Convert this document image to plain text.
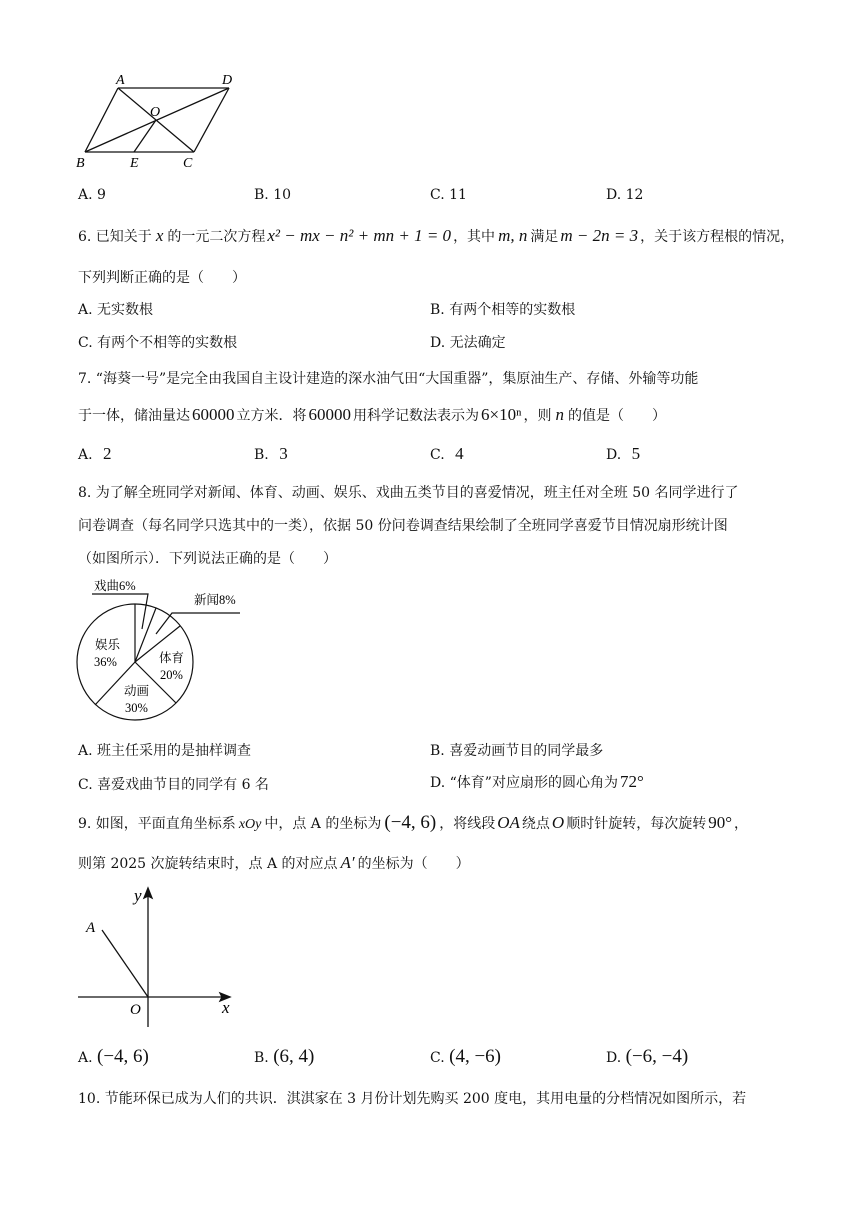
A	D
O
B	E	C
A. 9	B. 10	C. 11	D. 12
6. 已知关于 x 的一元二次方程 x² − mx − n² + mn + 1 = 0 ，其中 m, n 满足 m − 2n = 3 ，关于该方程根的情况，
下列判断正确的是（　　）
A. 无实数根	B. 有两个相等的实数根
C. 有两个不相等的实数根	D. 无法确定
7. “海葵一号”是完全由我国自主设计建造的深水油气田“大国重器”，集原油生产、存储、外输等功能
于一体，储油量达 60000 立方米．将 60000 用科学记数法表示为 6×10ⁿ ，则 n 的值是（　　）
A. 2	B. 3	C. 4	D. 5
8. 为了解全班同学对新闻、体育、动画、娱乐、戏曲五类节目的喜爱情况，班主任对全班 50 名同学进行了
问卷调查（每名同学只选其中的一类），依据 50 份问卷调查结果绘制了全班同学喜爱节目情况扇形统计图
（如图所示）．下列说法正确的是（　　）
戏曲6%
新闻8%
娱乐
36%	体育
20%
动画
30%
A. 班主任采用的是抽样调查	B. 喜爱动画节目的同学最多
C. 喜爱戏曲节目的同学有 6 名	D. “体育”对应扇形的圆心角为 72°
9. 如图，平面直角坐标系 xOy 中，点 A 的坐标为 (−4, 6) ，将线段 OA 绕点 O 顺时针旋转，每次旋转 90° ，
则第 2025 次旋转结束时，点 A 的对应点 A′ 的坐标为（　　）
y
x
A
O
A. (−4, 6)	B. (6, 4)	C. (4, −6)	D. (−6, −4)
10. 节能环保已成为人们的共识．淇淇家在 3 月份计划先购买 200 度电，其用电量的分档情况如图所示，若
